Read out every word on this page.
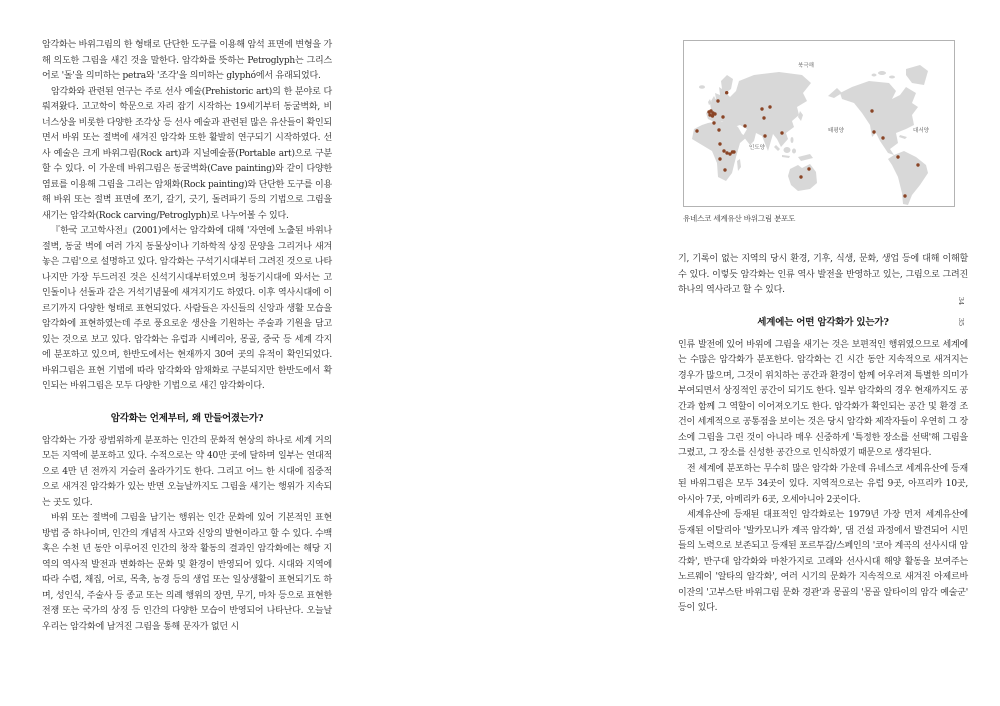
암각화는 바위그림의 한 형태로 단단한 도구를 이용해 암석 표면에 변형을 가해 의도한 그림을 새긴 것을 말한다. 암각화를 뜻하는 Petroglyph는 그리스어로 '돌'을 의미하는 petra와 '조각'을 의미하는 glyphó에서 유래되었다.

암각화와 관련된 연구는 주로 선사 예술(Prehistoric art)의 한 분야로 다뤄져왔다. 고고학이 학문으로 자리 잡기 시작하는 19세기부터 동굴벽화, 비너스상을 비롯한 다양한 조각상 등 선사 예술과 관련된 많은 유산들이 확인되면서 바위 또는 절벽에 새겨진 암각화 또한 활발히 연구되기 시작하였다. 선사 예술은 크게 바위그림(Rock art)과 지닐예술품(Portable art)으로 구분할 수 있다. 이 가운데 바위그림은 동굴벽화(Cave painting)와 같이 다양한 염료를 이용해 그림을 그리는 암채화(Rock painting)와 단단한 도구를 이용해 바위 또는 절벽 표면에 쪼기, 갈기, 긋기, 돌려파기 등의 기법으로 그림을 새기는 암각화(Rock carving/Petroglyph)로 나누어볼 수 있다.

『한국 고고학사전』(2001)에서는 암각화에 대해 '자연에 노출된 바위나 절벽, 동굴 벽에 여러 가지 동물상이나 기하학적 상징 문양을 그리거나 새겨놓은 그림'으로 설명하고 있다. 암각화는 구석기시대부터 그려진 것으로 나타나지만 가장 두드러진 것은 신석기시대부터였으며 청동기시대에 와서는 고인돌이나 선돌과 같은 거석기념물에 새겨지기도 하였다. 이후 역사시대에 이르기까지 다양한 형태로 표현되었다. 사람들은 자신들의 신앙과 생활 모습을 암각화에 표현하였는데 주로 풍요로운 생산을 기원하는 주술과 기원을 담고 있는 것으로 보고 있다. 암각화는 유럽과 시베리아, 몽골, 중국 등 세계 각지에 분포하고 있으며, 한반도에서는 현재까지 30여 곳의 유적이 확인되었다. 바위그림은 표현 기법에 따라 암각화와 암채화로 구분되지만 한반도에서 확인되는 바위그림은 모두 다양한 기법으로 새긴 암각화이다.

암각화는 언제부터, 왜 만들어졌는가?

암각화는 가장 광범위하게 분포하는 인간의 문화적 현상의 하나로 세계 거의 모든 지역에 분포하고 있다. 수적으로는 약 40만 곳에 달하며 일부는 연대적으로 4만 년 전까지 거슬러 올라가기도 한다. 그리고 어느 한 시대에 집중적으로 새겨진 암각화가 있는 반면 오늘날까지도 그림을 새기는 행위가 지속되는 곳도 있다.

바위 또는 절벽에 그림을 남기는 행위는 인간 문화에 있어 기본적인 표현 방법 중 하나이며, 인간의 개념적 사고와 신앙의 발현이라고 할 수 있다. 수백 혹은 수천 년 동안 이루어진 인간의 창작 활동의 결과인 암각화에는 해당 지역의 역사적 발전과 변화하는 문화 및 환경이 반영되어 있다. 시대와 지역에 따라 수렵, 채집, 어로, 목축, 농경 등의 생업 또는 일상생활이 표현되기도 하며, 성인식, 주술사 등 종교 또는 의례 행위의 장면, 무기, 마차 등으로 표현한 전쟁 또는 국가의 상징 등 인간의 다양한 모습이 반영되어 나타난다. 오늘날 우리는 암각화에 남겨진 그림을 통해 문자가 없던 시

북극해
태평양	대서양
인도양
유네스코 세계유산 바위그림 분포도

기, 기록이 없는 지역의 당시 환경, 기후, 식생, 문화, 생업 등에 대해 이해할 수 있다. 이렇듯 암각화는 인류 역사 발전을 반영하고 있는, 그림으로 그려진 하나의 역사라고 할 수 있다.

세계에는 어떤 암각화가 있는가?

인류 발전에 있어 바위에 그림을 새기는 것은 보편적인 행위였으므로 세계에는 수많은 암각화가 분포한다. 암각화는 긴 시간 동안 지속적으로 새겨지는 경우가 많으며, 그것이 위치하는 공간과 환경이 함께 어우러져 특별한 의미가 부여되면서 상징적인 공간이 되기도 한다. 일부 암각화의 경우 현재까지도 공간과 함께 그 역할이 이어져오기도 한다. 암각화가 확인되는 공간 및 환경 조건이 세계적으로 공통점을 보이는 것은 당시 암각화 제작자들이 우연히 그 장소에 그림을 그린 것이 아니라 매우 신중하게 '특정한 장소를 선택'해 그림을 그렸고, 그 장소를 신성한 공간으로 인식하였기 때문으로 생각된다.

전 세계에 분포하는 무수히 많은 암각화 가운데 유네스코 세계유산에 등재된 바위그림은 모두 34곳이 있다. 지역적으로는 유럽 9곳, 아프리카 10곳, 아시아 7곳, 아메리카 6곳, 오세아니아 2곳이다.

세계유산에 등재된 대표적인 암각화로는 1979년 가장 먼저 세계유산에 등재된 이탈리아 '발카모니카 계곡 암각화', 댐 건설 과정에서 발견되어 시민들의 노력으로 보존되고 등재된 포르투갈/스페인의 '코아 계곡의 선사시대 암각화', 반구대 암각화와 마찬가지로 고래와 선사시대 해양 활동을 보여주는 노르웨이 '알타의 암각화', 여러 시기의 문화가 지속적으로 새겨진 아제르바이잔의 '고부스탄 바위그림 문화 경관'과 몽골의 '몽골 알타이의 암각 예술군' 등이 있다.

34
35
